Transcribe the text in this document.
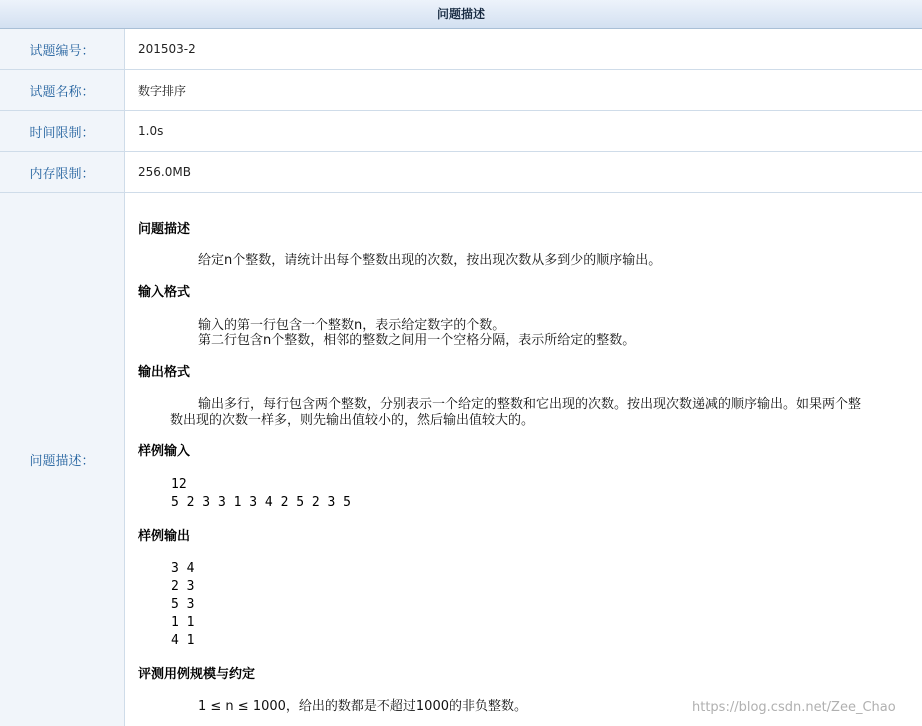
问题描述
试题编号：	201503-2
试题名称：	数字排序
时间限制：	1.0s
内存限制：	256.0MB
问题描述：
问题描述
给定n个整数，请统计出每个整数出现的次数，按出现次数从多到少的顺序输出。
输入格式
输入的第一行包含一个整数n，表示给定数字的个数。
第二行包含n个整数，相邻的整数之间用一个空格分隔，表示所给定的整数。
输出格式
输出多行，每行包含两个整数，分别表示一个给定的整数和它出现的次数。按出现次数递减的顺序输出。如果两个整
数出现的次数一样多，则先输出值较小的，然后输出值较大的。
样例输入
12
5 2 3 3 1 3 4 2 5 2 3 5
样例输出
3 4
2 3
5 3
1 1
4 1
评测用例规模与约定
1 ≤ n ≤ 1000，给出的数都是不超过1000的非负整数。	https://blog.csdn.net/Zee_Chao
